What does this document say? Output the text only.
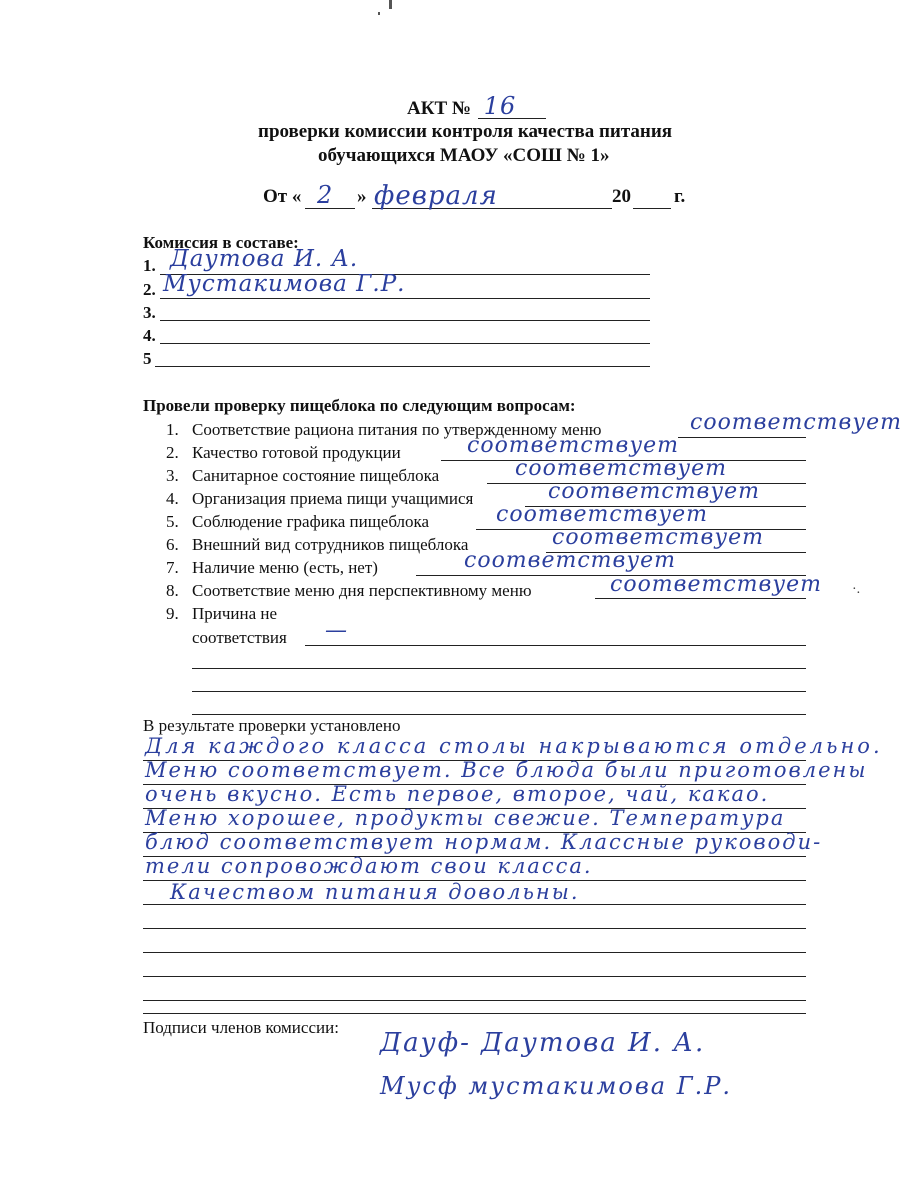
АКТ № 16
проверки комиссии контроля качества питания
обучающихся МАОУ «СОШ № 1»
От « 2 » февраля	20 г.
Комиссия в составе:
1. Даутова И. А.
2. Мустакимова Г.Р.
3.
4.
5
Провели проверку пищеблока по следующим вопросам:
1. Соответствие рациона питания по утвержденному меню	соответствует
2. Качество готовой продукции	соответствует
3. Санитарное состояние пищеблока	соответствует
4. Организация приема пищи учащимися	соответствует
5. Соблюдение графика пищеблока	соответствует
6. Внешний вид сотрудников пищеблока	соответствует
7. Наличие меню (есть, нет)	соответствует
8. Соответствие меню дня перспективному меню	соответствует ·.
9. Причина не
соответствия —
В результате проверки установлено
Для каждого класса столы накрываются отдельно.
Меню соответствует. Все блюда были приготовлены
очень вкусно. Есть первое, второе, чай, какао.
Меню хорошее, продукты свежие. Температура
блюд соответствует нормам. Классные руководи-
тели сопровождают свои класса.
Качеством питания довольны.
Подписи членов комиссии:
Дауф- Даутова И. А.
Мусф мустакимова Г.Р.
